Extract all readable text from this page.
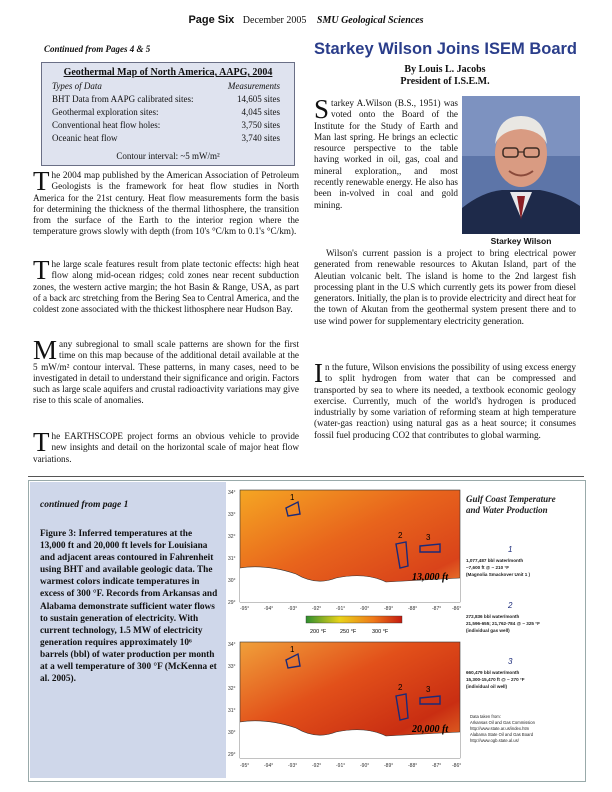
Page Six December 2005 SMU Geological Sciences
Continued from Pages 4 & 5
Geothermal Map of North America, AAPG, 2004
Types of Data	Measurements
BHT Data from AAPG calibrated sites:	14,605 sites
Geothermal exploration sites:	4,045 sites
Conventional heat flow holes:	3,750 sites
Oceanic heat flow	3,740 sites
Contour interval: ~5 mW/m²
The 2004 map published by the American Association of Petroleum Geologists is the framework for heat flow studies in North America for the 21st century. Heat flow measurements form the basis for determining the thickness of the thermal lithosphere, the transition from the surface of the Earth to the interior region where the temperature grows slowly with depth (from 10's °C/km to 0.1's °C/km).
The large scale features result from plate tectonic effects: high heat flow along mid-ocean ridges; cold zones near recent subduction zones, the western active margin; the hot Basin & Range, USA, as part of a back arc stretching from the Bering Sea to Central America, and the coldest zone associated with the thickest lithosphere near Hudson Bay.
Many subregional to small scale patterns are shown for the first time on this map because of the additional detail available at the 5 mW/m² contour interval. These patterns, in many cases, need to be investigated in detail to understand their significance and origin. Factors such as large scale aquifers and crustal radioactivity variations may give rise to this scale of anomalies.
The EARTHSCOPE project forms an obvious vehicle to provide new insights and detail on the horizontal scale of major heat flow variations.
Starkey Wilson Joins ISEM Board
By Louis L. Jacobs
President of I.S.E.M.
Starkey Wilson
Starkey A.Wilson (B.S., 1951) was voted onto the Board of the Institute for the Study of Earth and Man last spring. He brings an eclectic resource perspective to the table having worked in oil, gas, coal and mineral exploration,, and most recently renewable energy. He also has been in-volved in coal and gold mining.
Wilson's current passion is a project to bring electrical power generated from renewable resources to Akutan Island, part of the Aleutian volcanic belt. The island is home to the 2nd largest fish processing plant in the U.S which currently gets its power from diesel generators. Initially, the plan is to provide electricity and direct heat for the town of Akutan from the geothermal system present there and to use wind power for supplementary electricity generation.
In the future, Wilson envisions the possibility of using excess energy to split hydrogen from water that can be compressed and transported by sea to where its needed, a textbook economic geology exercise. Currently, much of the world's hydrogen is produced industrially by some variation of reforming steam at high temperature (water-gas reaction) using natural gas as a heat source; it consumes fossil fuel producing CO2 that contributes to global warming.
continued from page 1
Figure 3: Inferred temperatures at the 13,000 ft and 20,000 ft levels for Louisiana and adjacent areas contoured in Fahrenheit using BHT and available geologic data. The warmest colors indicate temperatures in excess of 300 °F. Records from Arkansas and Alabama demonstrate sufficient water flows to sustain generation of electricity. With current technology, 1.5 MW of electricity generation requires approximately 10⁶ barrels (bbl) of water production per month at a well temperature of 300 °F (McKenna et al. 2005).
1
2	3
13,000 ft
34°
33°
32°
31°
30°
29°
-95°	-94°	-93°	-92°	-91°	-90°	-89°	-88°	-87° -86°
200 °F 250 °F	300 °F
1
2	3
20,000 ft
34°
33°
32°
31°
30°
29°
-95°	-94°	-93°	-92°	-91°	-90°	-89°	-88°	-87° -86°
Gulf Coast Temperature
and Water Production
1
1,077,487 bbl water/month
~7,600 ft @ ~ 210 °F
(Magnolia Smackover Unit 1 )
2
272,836 bbl water/month
21,596-655; 21,762-784 @ ~ 325 °F
(individual gas well)
3
660,479 bbl water/month
15,300-15,470 ft @ ~ 270 °F
(individual oil well)
Data taken from:
Arkansas Oil and Gas Commission
http://www.state.ar.us/index.htm
Alabama State Oil and Gas Board
http://www.ogb.state.al.us/
